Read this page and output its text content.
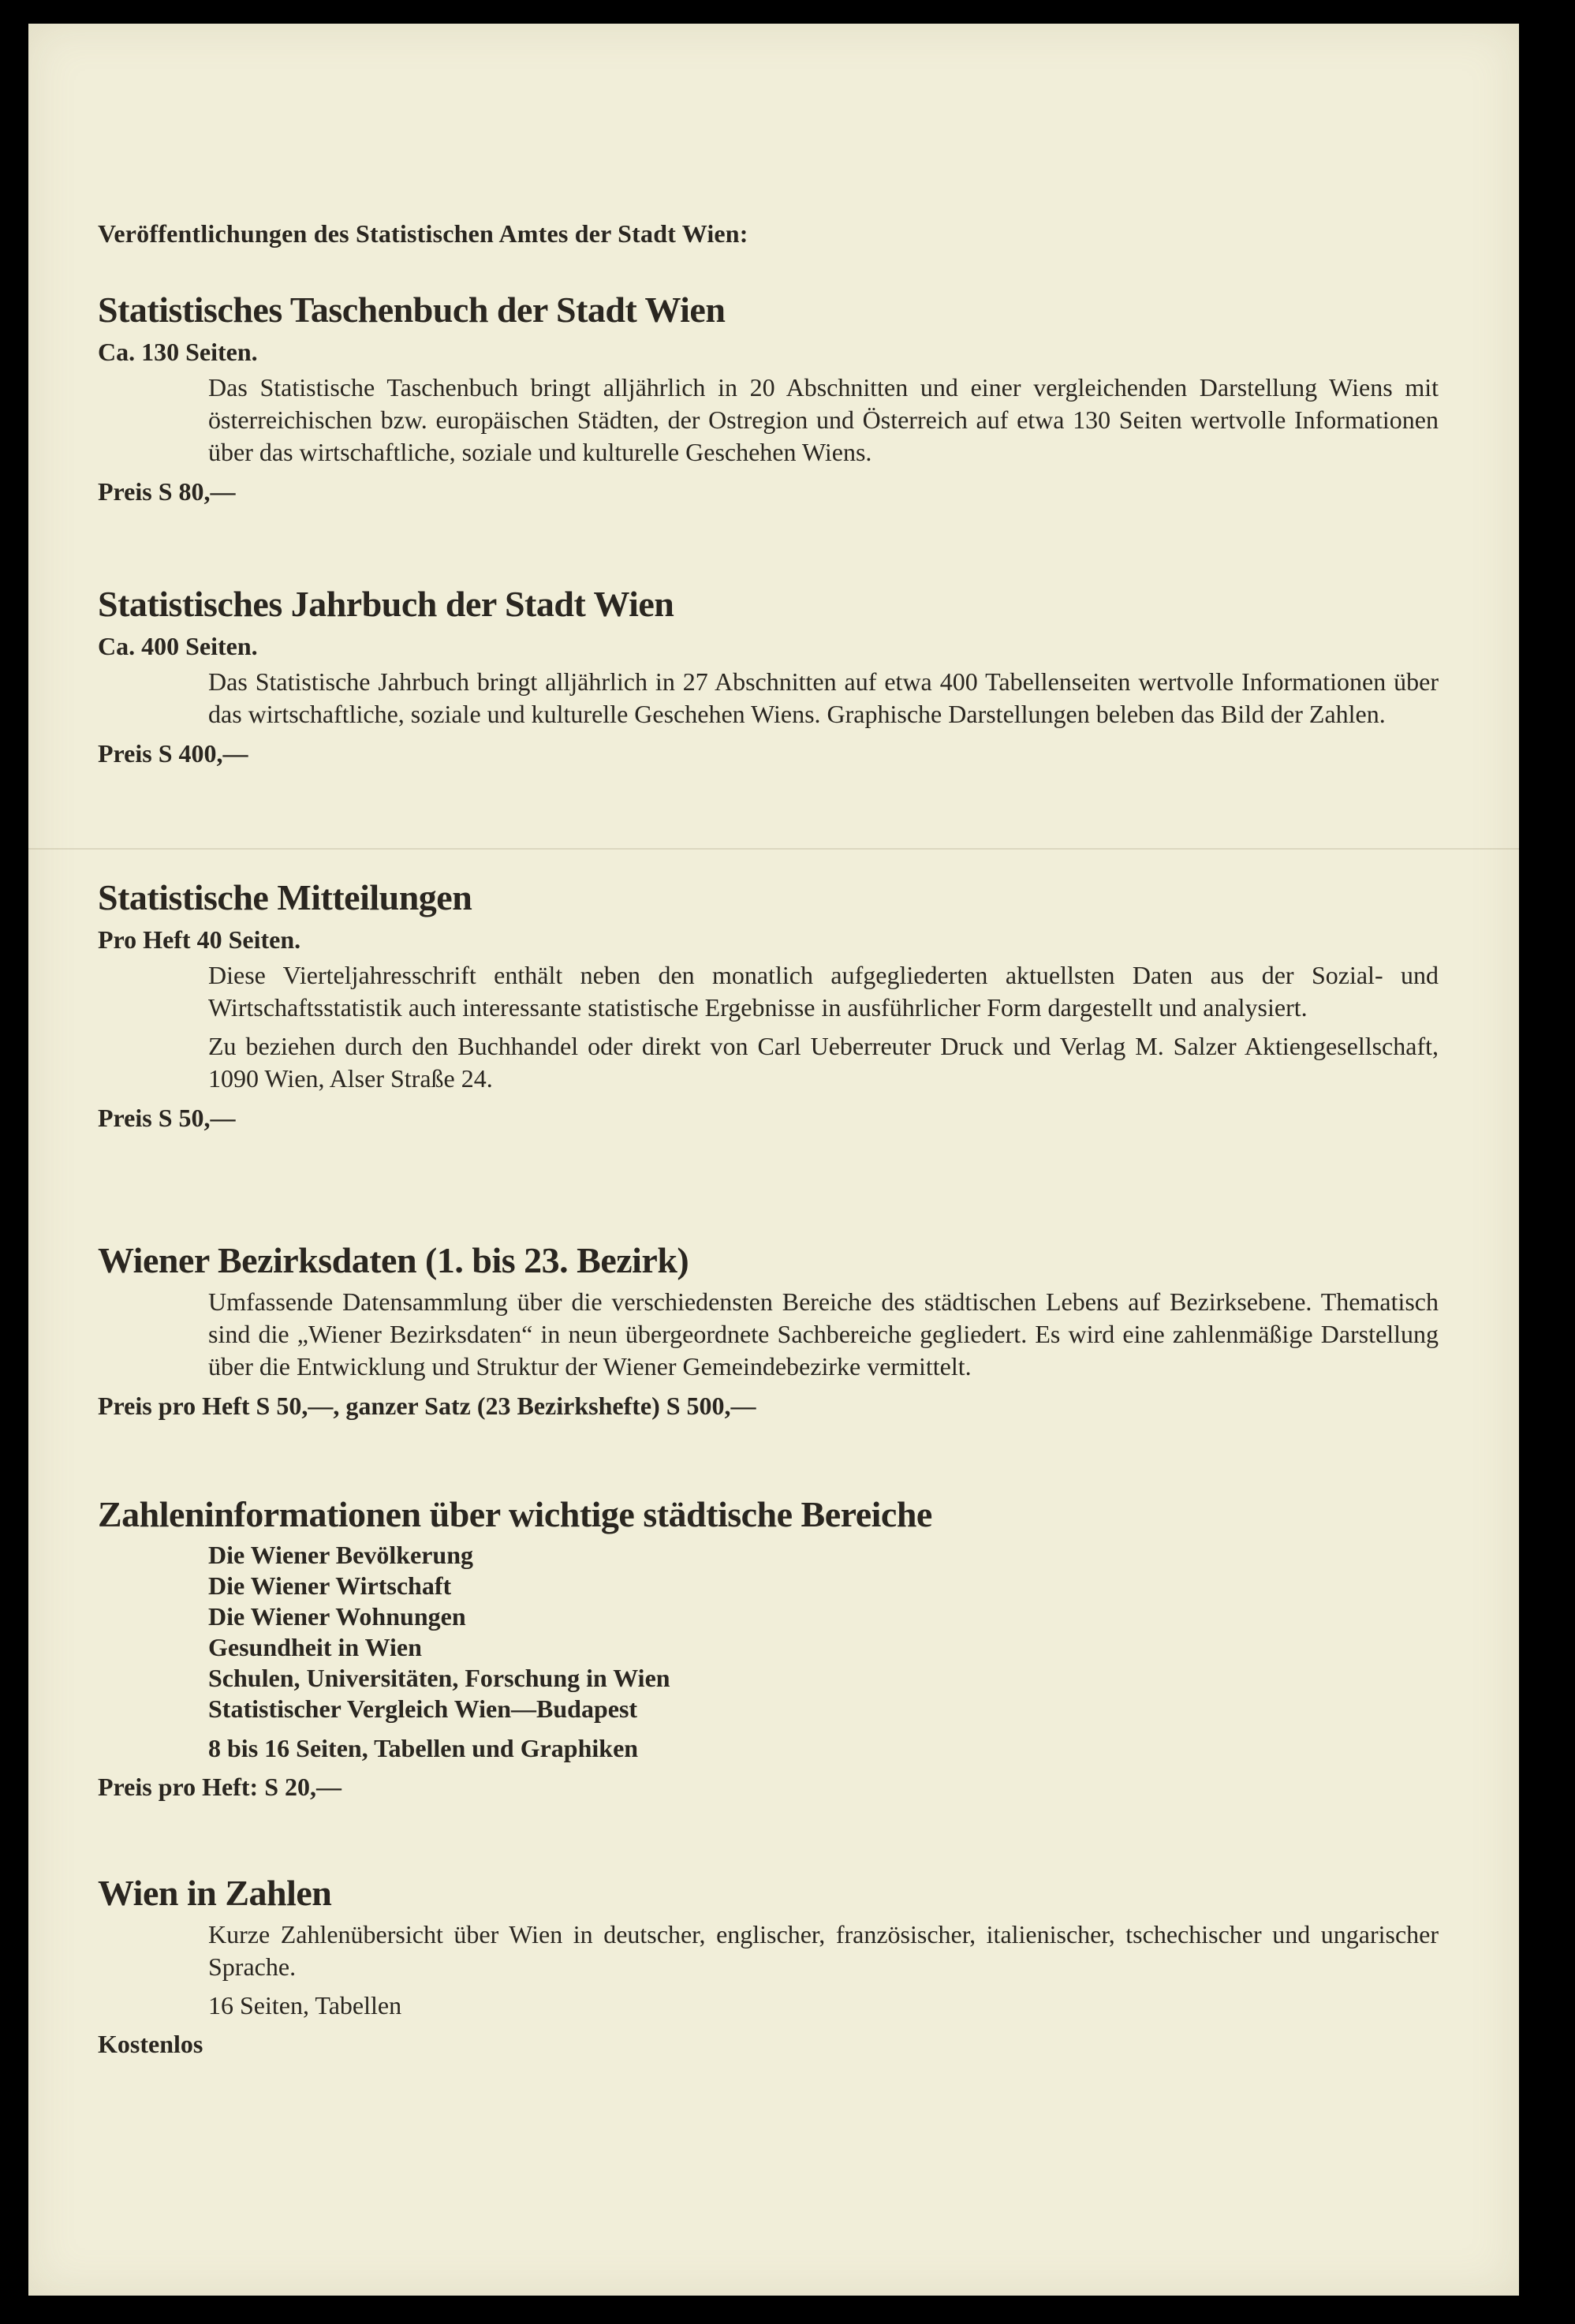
Veröffentlichungen des Statistischen Amtes der Stadt Wien:
Statistisches Taschenbuch der Stadt Wien
Ca. 130 Seiten.

Das Statistische Taschenbuch bringt alljährlich in 20 Abschnitten und einer vergleichenden Darstellung Wiens mit österreichischen bzw. europäischen Städten, der Ostregion und Österreich auf etwa 130 Seiten wertvolle Informationen über das wirtschaftliche, soziale und kulturelle Geschehen Wiens.

Preis S 80,—
Statistisches Jahrbuch der Stadt Wien
Ca. 400 Seiten.

Das Statistische Jahrbuch bringt alljährlich in 27 Abschnitten auf etwa 400 Tabellenseiten wertvolle Informationen über das wirtschaftliche, soziale und kulturelle Geschehen Wiens. Graphische Darstellungen beleben das Bild der Zahlen.

Preis S 400,—
Statistische Mitteilungen
Pro Heft 40 Seiten.

Diese Vierteljahresschrift enthält neben den monatlich aufgegliederten aktuellsten Daten aus der Sozial- und Wirtschaftsstatistik auch interessante statistische Ergebnisse in ausführlicher Form dargestellt und analysiert.

Zu beziehen durch den Buchhandel oder direkt von Carl Ueberreuter Druck und Verlag M. Salzer Aktiengesellschaft, 1090 Wien, Alser Straße 24.

Preis S 50,—
Wiener Bezirksdaten (1. bis 23. Bezirk)

Umfassende Datensammlung über die verschiedensten Bereiche des städtischen Lebens auf Bezirksebene. Thematisch sind die „Wiener Bezirksdaten“ in neun übergeordnete Sachbereiche gegliedert. Es wird eine zahlenmäßige Darstellung über die Entwicklung und Struktur der Wiener Gemeindebezirke vermittelt.

Preis pro Heft S 50,—, ganzer Satz (23 Bezirkshefte) S 500,—
Zahleninformationen über wichtige städtische Bereiche
Die Wiener Bevölkerung
Die Wiener Wirtschaft
Die Wiener Wohnungen
Gesundheit in Wien
Schulen, Universitäten, Forschung in Wien
Statistischer Vergleich Wien—Budapest
8 bis 16 Seiten, Tabellen und Graphiken
Preis pro Heft: S 20,—
Wien in Zahlen

Kurze Zahlenübersicht über Wien in deutscher, englischer, französischer, italienischer, tschechischer und ungarischer Sprache.

16 Seiten, Tabellen
Kostenlos
